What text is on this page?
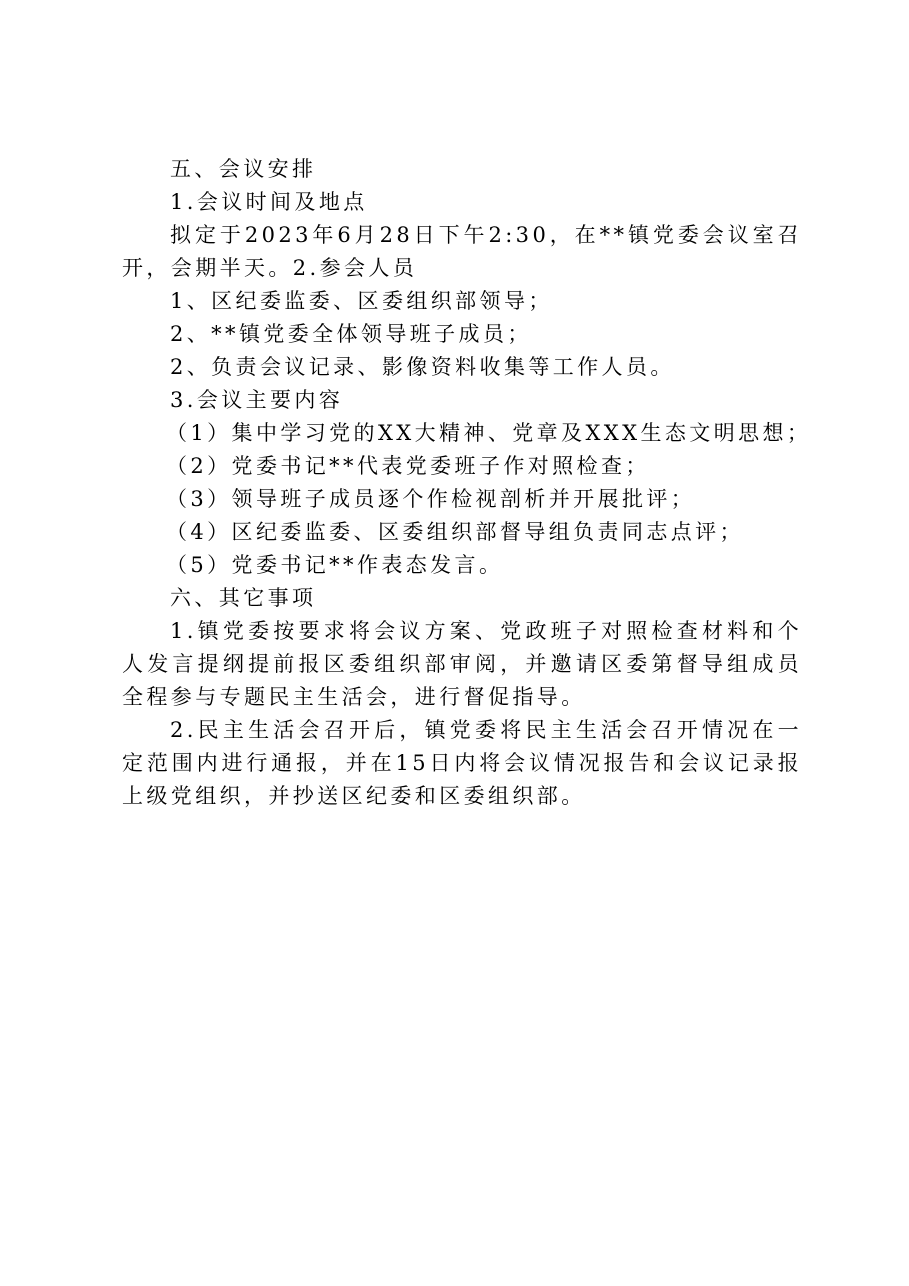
五、会议安排
1.会议时间及地点
拟定于2023年6月28日下午2:30，在**镇党委会议室召开，会期半天。2.参会人员
1、区纪委监委、区委组织部领导；
2、**镇党委全体领导班子成员；
2、负责会议记录、影像资料收集等工作人员。
3.会议主要内容
（1）集中学习党的XX大精神、党章及XXX生态文明思想；
（2）党委书记**代表党委班子作对照检查；
（3）领导班子成员逐个作检视剖析并开展批评；
（4）区纪委监委、区委组织部督导组负责同志点评；
（5）党委书记**作表态发言。
六、其它事项
1.镇党委按要求将会议方案、党政班子对照检查材料和个人发言提纲提前报区委组织部审阅，并邀请区委第督导组成员全程参与专题民主生活会，进行督促指导。
2.民主生活会召开后，镇党委将民主生活会召开情况在一定范围内进行通报，并在15日内将会议情况报告和会议记录报上级党组织，并抄送区纪委和区委组织部。
